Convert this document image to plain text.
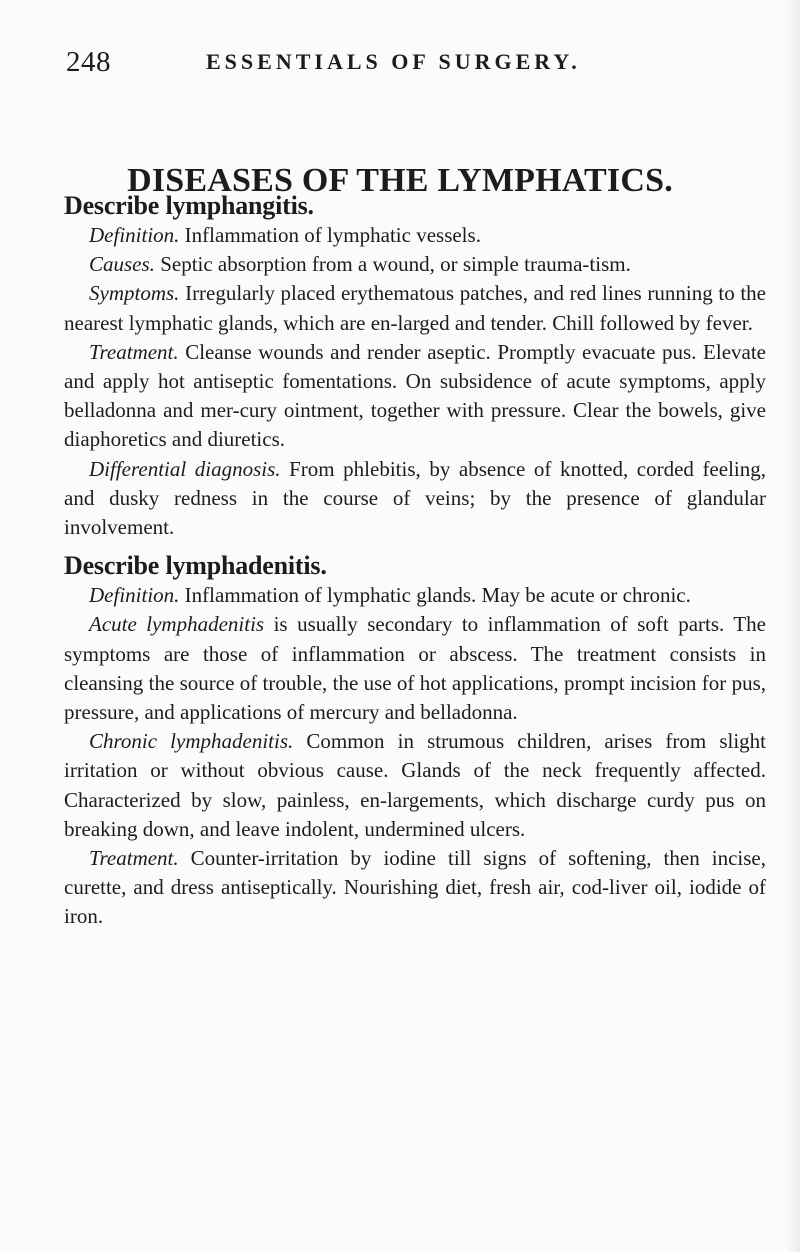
248	ESSENTIALS OF SURGERY.
DISEASES OF THE LYMPHATICS.
Describe lymphangitis.

Definition. Inflammation of lymphatic vessels.

Causes. Septic absorption from a wound, or simple trauma-tism.

Symptoms. Irregularly placed erythematous patches, and red lines running to the nearest lymphatic glands, which are en-larged and tender. Chill followed by fever.

Treatment. Cleanse wounds and render aseptic. Promptly evacuate pus. Elevate and apply hot antiseptic fomentations. On subsidence of acute symptoms, apply belladonna and mer-cury ointment, together with pressure. Clear the bowels, give diaphoretics and diuretics.

Differential diagnosis. From phlebitis, by absence of knotted, corded feeling, and dusky redness in the course of veins; by the presence of glandular involvement.

Describe lymphadenitis.

Definition. Inflammation of lymphatic glands. May be acute or chronic.

Acute lymphadenitis is usually secondary to inflammation of soft parts. The symptoms are those of inflammation or abscess. The treatment consists in cleansing the source of trouble, the use of hot applications, prompt incision for pus, pressure, and applications of mercury and belladonna.

Chronic lymphadenitis. Common in strumous children, arises from slight irritation or without obvious cause. Glands of the neck frequently affected. Characterized by slow, painless, en-largements, which discharge curdy pus on breaking down, and leave indolent, undermined ulcers.

Treatment. Counter-irritation by iodine till signs of softening, then incise, curette, and dress antiseptically. Nourishing diet, fresh air, cod-liver oil, iodide of iron.
